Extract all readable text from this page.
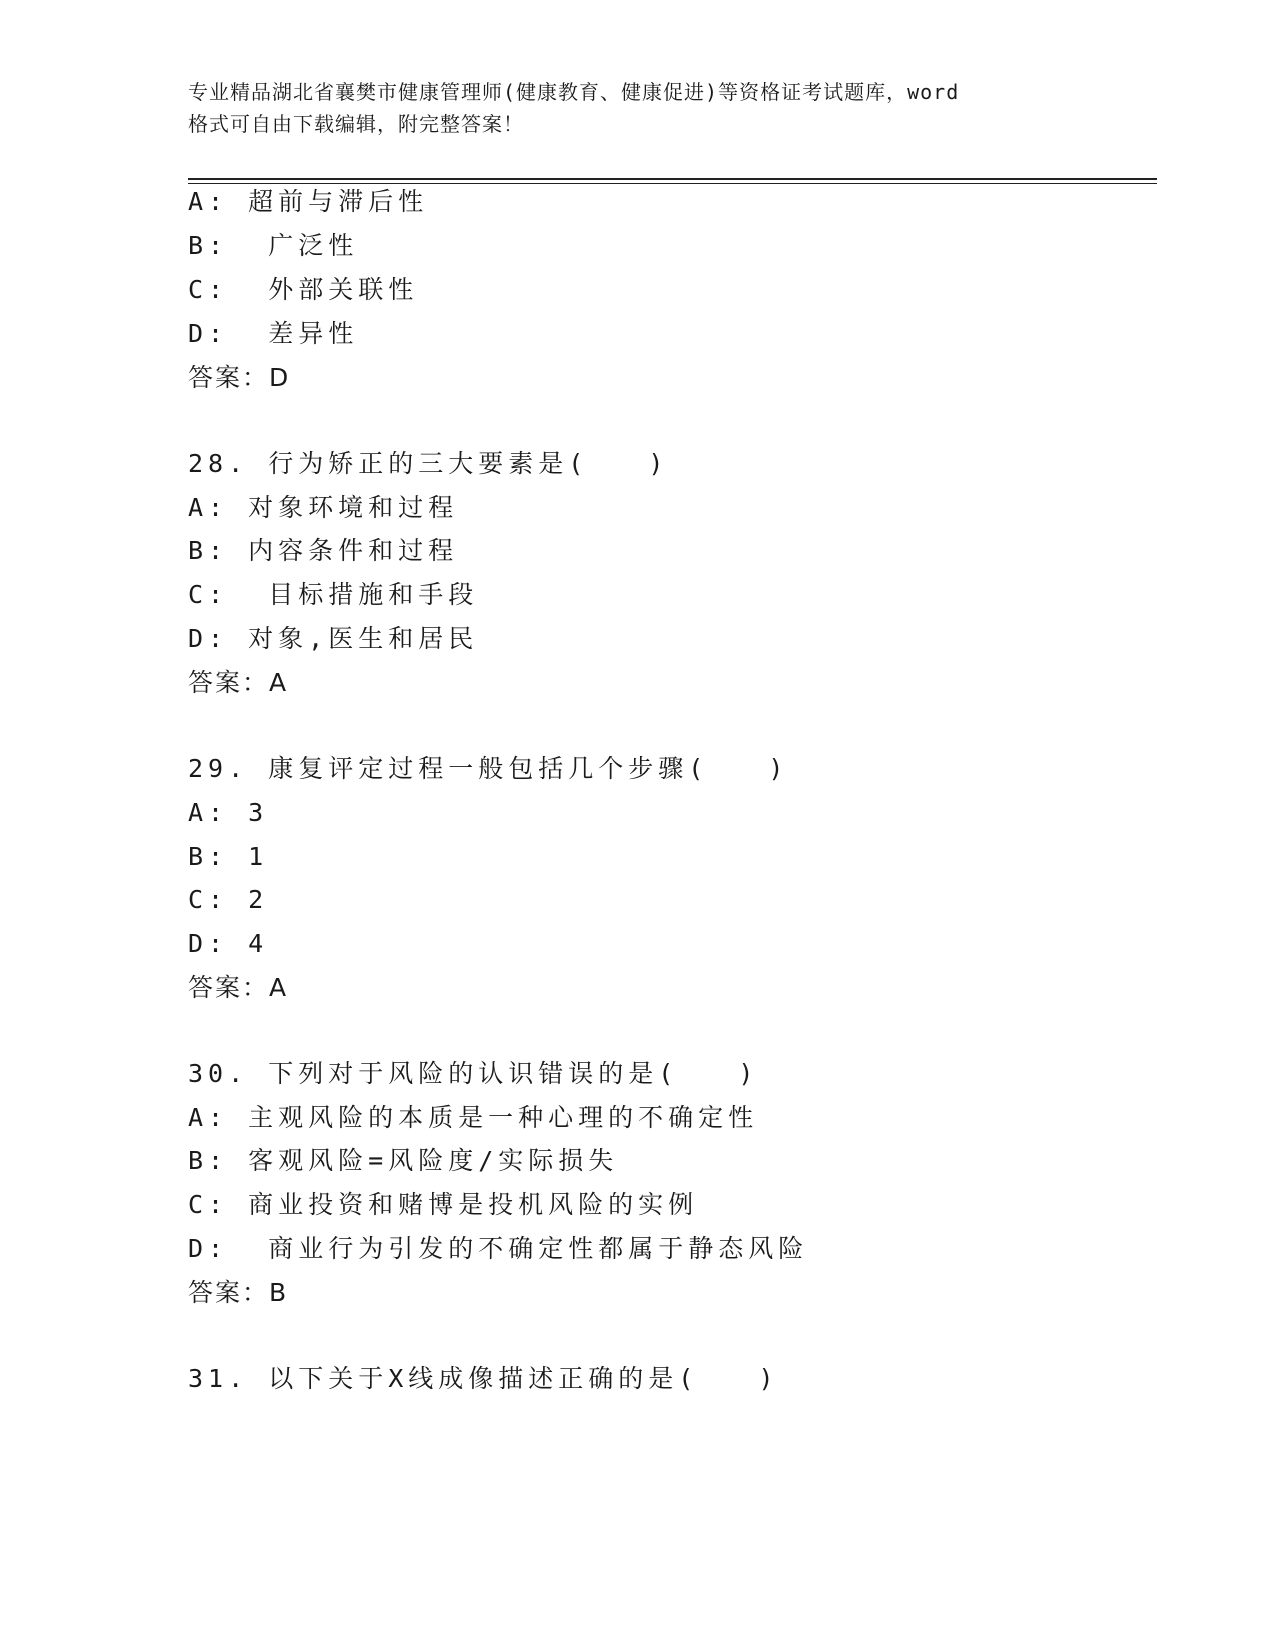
专业精品湖北省襄樊市健康管理师(健康教育、健康促进)等资格证考试题库，word
格式可自由下载编辑，附完整答案！
A: 超前与滞后性
B:  广泛性
C:  外部关联性
D:  差异性
答案：D
28. 行为矫正的三大要素是(   )
A: 对象环境和过程
B: 内容条件和过程
C:  目标措施和手段
D: 对象,医生和居民
答案：A
29. 康复评定过程一般包括几个步骤(   )
A: 3
B: 1
C: 2
D: 4
答案：A
30. 下列对于风险的认识错误的是(   )
A: 主观风险的本质是一种心理的不确定性
B: 客观风险=风险度/实际损失
C: 商业投资和赌博是投机风险的实例
D:  商业行为引发的不确定性都属于静态风险
答案：B
31. 以下关于X线成像描述正确的是(   )
